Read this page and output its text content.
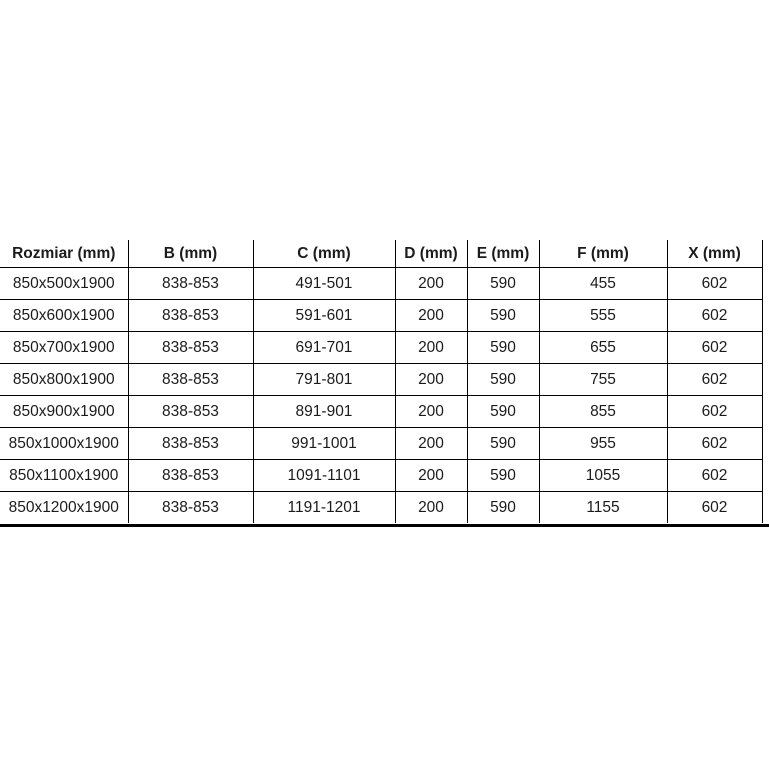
Rozmiar (mm)	B (mm)	C (mm)	D (mm)	E (mm)	F (mm)	X (mm)
850x500x1900	838-853	491-501	200	590	455	602
850x600x1900	838-853	591-601	200	590	555	602
850x700x1900	838-853	691-701	200	590	655	602
850x800x1900	838-853	791-801	200	590	755	602
850x900x1900	838-853	891-901	200	590	855	602
850x1000x1900	838-853	991-1001	200	590	955	602
850x1100x1900	838-853	1091-1101	200	590	1055	602
850x1200x1900	838-853	1191-1201	200	590	1155	602
